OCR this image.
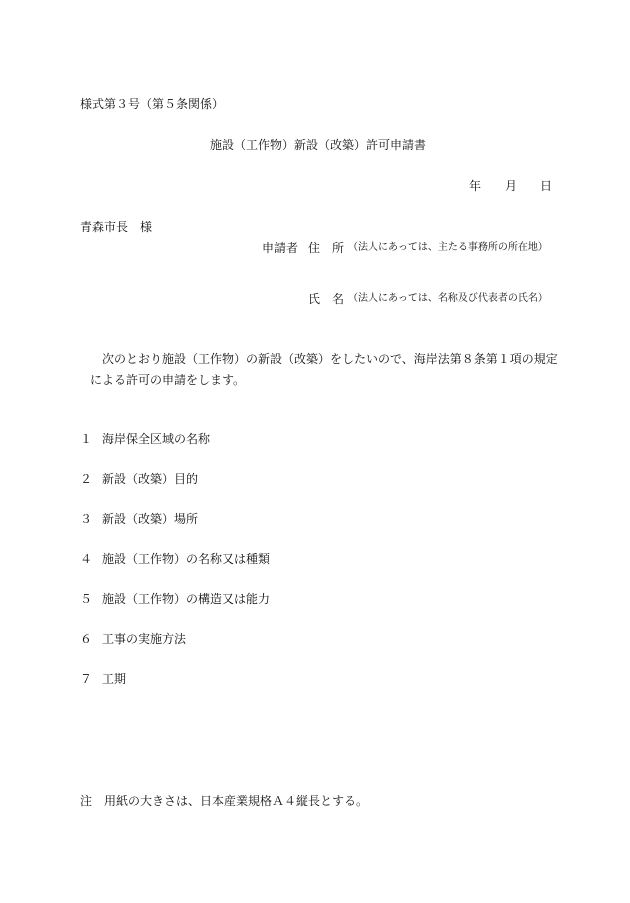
様式第３号（第５条関係）
施設（工作物）新設（改築）許可申請書
年 月 日
青森市長　様
申請者 住　所 （法人にあっては、主たる事務所の所在地）
氏　名 （法人にあっては、名称及び代表者の氏名）
次のとおり施設（工作物）の新設（改築）をしたいので、海岸法第８条第１項の規定
による許可の申請をします。
１ 海岸保全区域の名称
２ 新設（改築）目的
３ 新設（改築）場所
４ 施設（工作物）の名称又は種類
５ 施設（工作物）の構造又は能力
６ 工事の実施方法
７ 工期
注　用紙の大きさは、日本産業規格Ａ４縦長とする。
